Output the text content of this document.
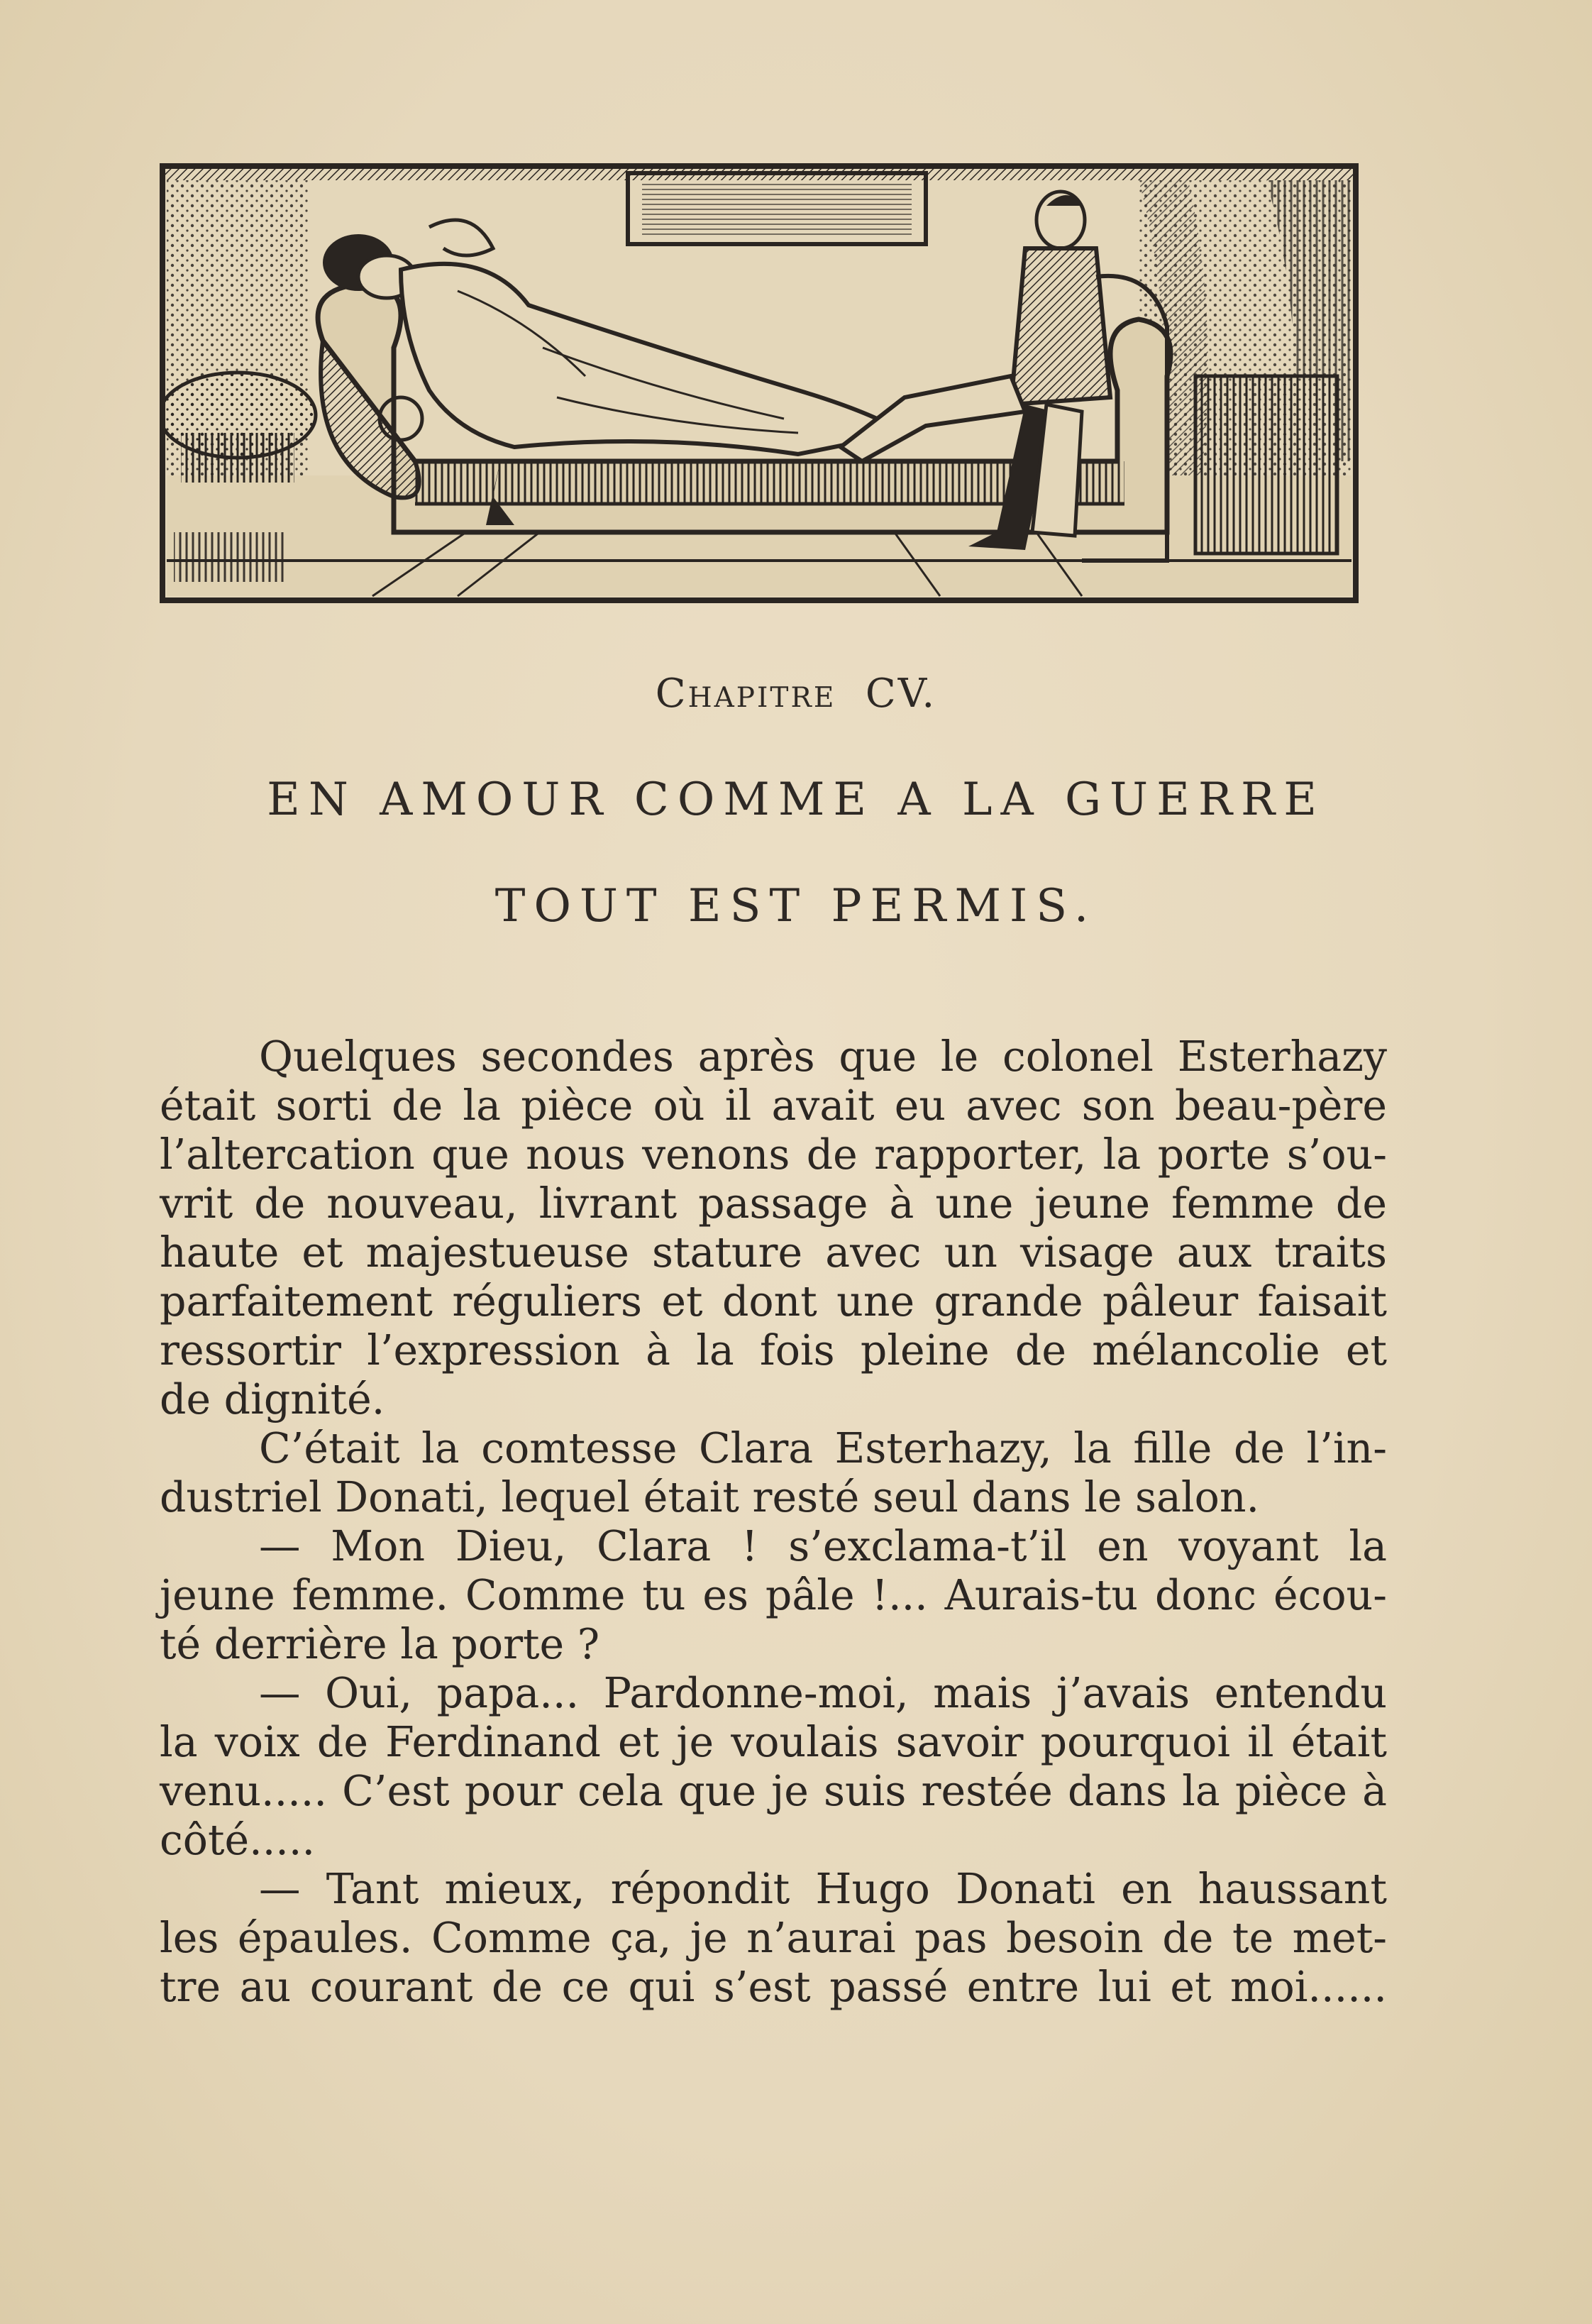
Chapitre CV.
EN AMOUR COMME A LA GUERRE
TOUT EST PERMIS.
Quelques secondes après que le colonel Esterhazy
était sorti de la pièce où il avait eu avec son beau-père
l’altercation que nous venons de rapporter, la porte s’ou-
vrit de nouveau, livrant passage à une jeune femme de
haute et majestueuse stature avec un visage aux traits
parfaitement réguliers et dont une grande pâleur faisait
ressortir l’expression à la fois pleine de mélancolie et
de dignité.
C’était la comtesse Clara Esterhazy, la fille de l’in-
dustriel Donati, lequel était resté seul dans le salon.
— Mon Dieu, Clara ! s’exclama-t’il en voyant la
jeune femme. Comme tu es pâle !... Aurais-tu donc écou-
té derrière la porte ?
— Oui, papa... Pardonne-moi, mais j’avais entendu
la voix de Ferdinand et je voulais savoir pourquoi il était
venu..... C’est pour cela que je suis restée dans la pièce à
côté.....
— Tant mieux, répondit Hugo Donati en haussant
les épaules. Comme ça, je n’aurai pas besoin de te met-
tre au courant de ce qui s’est passé entre lui et moi......
